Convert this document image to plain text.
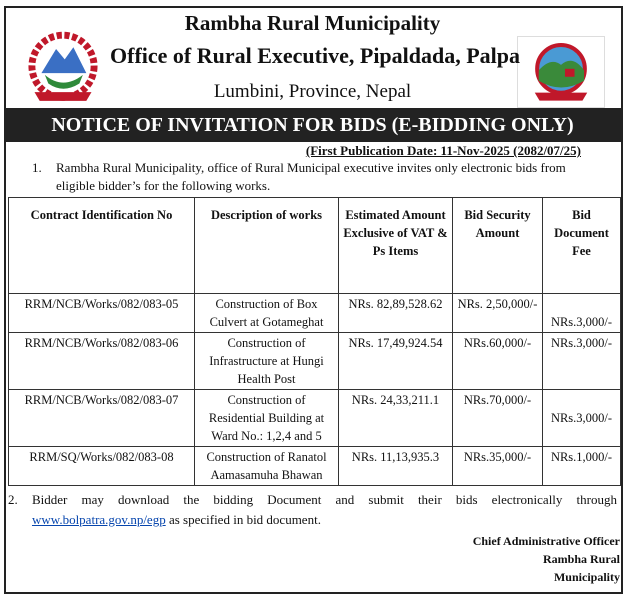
Rambha Rural Municipality
Office of Rural Executive, Pipaldada, Palpa
Lumbini, Province, Nepal
NOTICE OF INVITATION FOR BIDS (E-BIDDING ONLY)
(First Publication Date: 11-Nov-2025 (2082/07/25)
1. Rambha Rural Municipality, office of Rural Municipal executive invites only electronic bids from eligible bidder’s for the following works.
Contract Identification No	Description of works	Estimated Amount Exclusive of VAT & Ps Items	Bid Security Amount	Bid Document Fee
RRM/NCB/Works/082/083-05	Construction of Box Culvert at Gotameghat	NRs. 82,89,528.62	NRs. 2,50,000/-	NRs.3,000/-
RRM/NCB/Works/082/083-06	Construction of Infrastructure at Hungi Health Post	NRs. 17,49,924.54	NRs.60,000/-	NRs.3,000/-
RRM/NCB/Works/082/083-07	Construction of Residential Building at Ward No.: 1,2,4 and 5	NRs. 24,33,211.1	NRs.70,000/-	NRs.3,000/-
RRM/SQ/Works/082/083-08	Construction of Ranatol Aamasamuha Bhawan	NRs. 11,13,935.3	NRs.35,000/-	NRs.1,000/-
2. Bidder may download the bidding Document and submit their bids electronically through www.bolpatra.gov.np/egp as specified in bid document.
Chief Administrative Officer
Rambha Rural
Municipality
